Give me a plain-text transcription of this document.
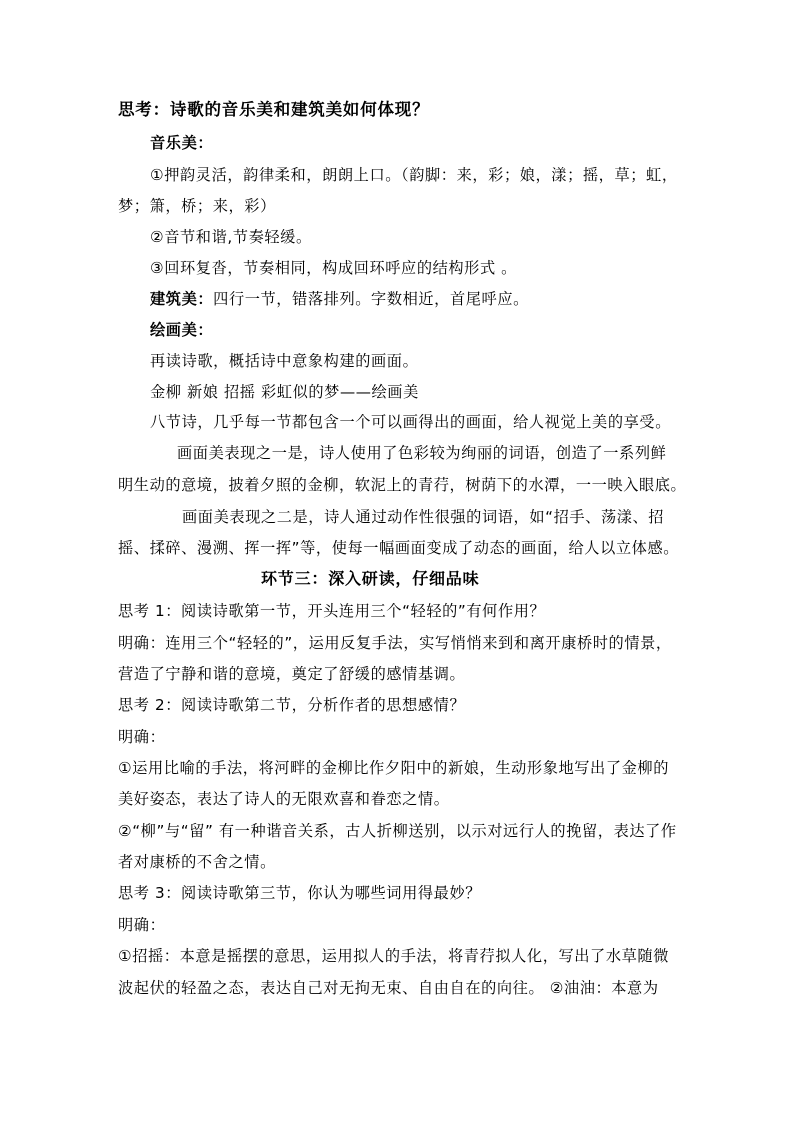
思考：诗歌的音乐美和建筑美如何体现？
音乐美：
①押韵灵活，韵律柔和，朗朗上口。（韵脚：来，彩；娘，漾；摇，草；虹，
梦；箫，桥；来，彩）
②音节和谐,节奏轻缓。
③回环复沓，节奏相同，构成回环呼应的结构形式 。
建筑美：四行一节，错落排列。字数相近，首尾呼应。
绘画美：
再读诗歌，概括诗中意象构建的画面。
金柳 新娘 招摇 彩虹似的梦——绘画美
八节诗，几乎每一节都包含一个可以画得出的画面，给人视觉上美的享受。
画面美表现之一是，诗人使用了色彩较为绚丽的词语，创造了一系列鲜
明生动的意境，披着夕照的金柳，软泥上的青荇，树荫下的水潭，一一映入眼底。
画面美表现之二是，诗人通过动作性很强的词语，如“招手、荡漾、招
摇、揉碎、漫溯、挥一挥”等，使每一幅画面变成了动态的画面，给人以立体感。
环节三：深入研读，仔细品味
思考 1：阅读诗歌第一节，开头连用三个“轻轻的”有何作用？
明确：连用三个“轻轻的”，运用反复手法，实写悄悄来到和离开康桥时的情景，
营造了宁静和谐的意境，奠定了舒缓的感情基调。
思考 2：阅读诗歌第二节，分析作者的思想感情？
明确：
①运用比喻的手法，将河畔的金柳比作夕阳中的新娘，生动形象地写出了金柳的
美好姿态，表达了诗人的无限欢喜和眷恋之情。
②“柳”与“留” 有一种谐音关系，古人折柳送别，以示对远行人的挽留，表达了作
者对康桥的不舍之情。
思考 3：阅读诗歌第三节，你认为哪些词用得最妙？
明确：
①招摇：本意是摇摆的意思，运用拟人的手法，将青荇拟人化，写出了水草随微
波起伏的轻盈之态，表达自己对无拘无束、自由自在的向往。 ②油油：本意为
